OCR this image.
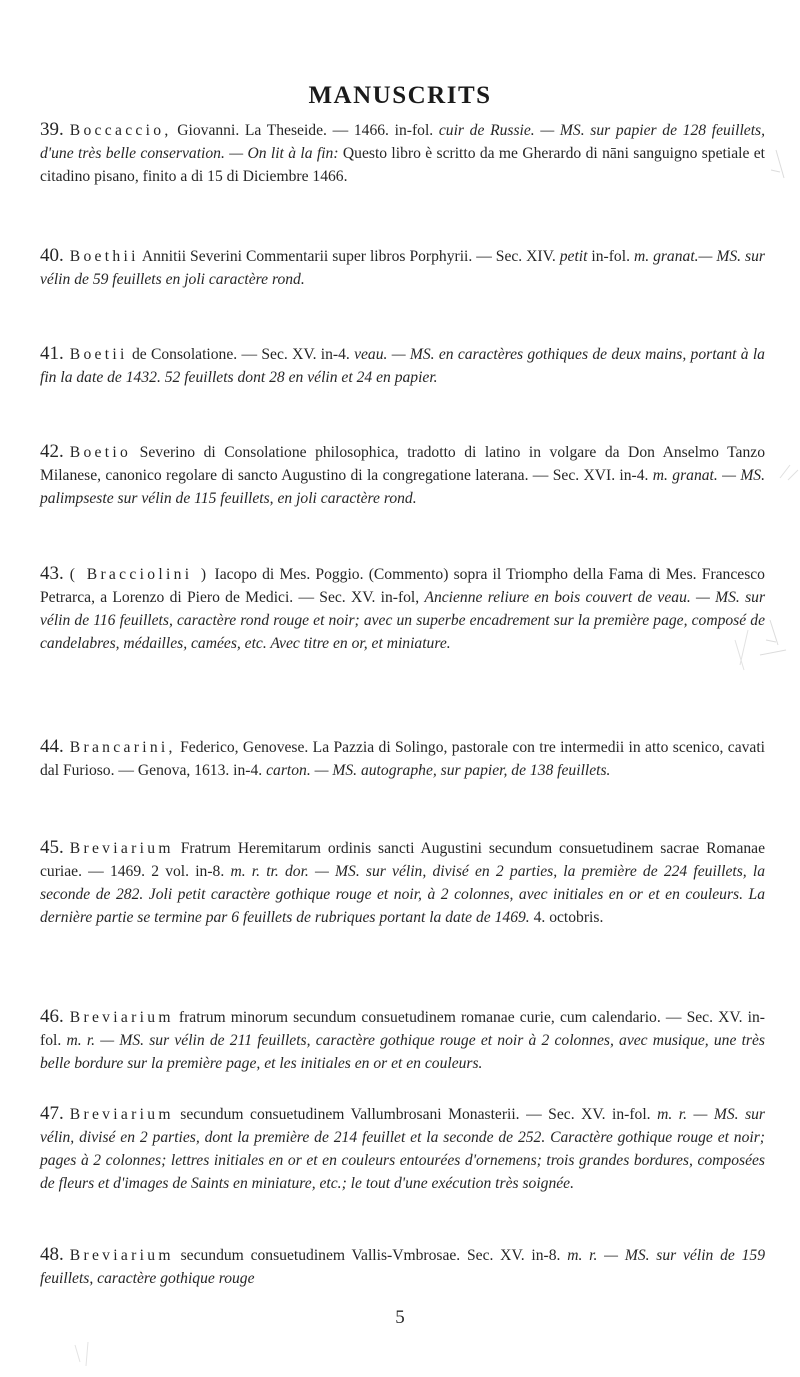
MANUSCRITS
39. Boccaccio, Giovanni. La Theseide. — 1466. in-fol. cuir de Russie. — MS. sur papier de 128 feuillets, d'une très belle conservation. — On lit à la fin: Questo libro è scritto da me Gherardo di nāni sanguigno spetiale et citadino pisano, finito a di 15 di Diciembre 1466.
40. Boethii Annitii Severini Commentarii super libros Porphyrii. — Sec. XIV. petit in-fol. m. granat.— MS. sur vélin de 59 feuillets en joli caractère rond.
41. Boetii de Consolatione. — Sec. XV. in-4. veau. — MS. en caractères gothiques de deux mains, portant à la fin la date de 1432. 52 feuillets dont 28 en vélin et 24 en papier.
42. Boetio Severino di Consolatione philosophica, tradotto di latino in volgare da Don Anselmo Tanzo Milanese, canonico regolare di sancto Augustino di la congregatione laterana. — Sec. XVI. in-4. m. granat. — MS. palimpseste sur vélin de 115 feuillets, en joli caractère rond.
43. ( Bracciolini ) Iacopo di Mes. Poggio. (Commento) sopra il Triompho della Fama di Mes. Francesco Petrarca, a Lorenzo di Piero de Medici. — Sec. XV. in-fol, Ancienne reliure en bois couvert de veau. — MS. sur vélin de 116 feuillets, caractère rond rouge et noir; avec un superbe encadrement sur la première page, composé de candelabres, médailles, camées, etc. Avec titre en or, et miniature.
44. Brancarini, Federico, Genovese. La Pazzia di Solingo, pastorale con tre intermedii in atto scenico, cavati dal Furioso. — Genova, 1613. in-4. carton. — MS. autographe, sur papier, de 138 feuillets.
45. Breviarium Fratrum Heremitarum ordinis sancti Augustini secundum consuetudinem sacrae Romanae curiae. — 1469. 2 vol. in-8. m. r. tr. dor. — MS. sur vélin, divisé en 2 parties, la première de 224 feuillets, la seconde de 282. Joli petit caractère gothique rouge et noir, à 2 colonnes, avec initiales en or et en couleurs. La dernière partie se termine par 6 feuillets de rubriques portant la date de 1469. 4. octobris.
46. Breviarium fratrum minorum secundum consuetudinem romanae curie, cum calendario. — Sec. XV. in-fol. m. r. — MS. sur vélin de 211 feuillets, caractère gothique rouge et noir à 2 colonnes, avec musique, une très belle bordure sur la première page, et les initiales en or et en couleurs.
47. Breviarium secundum consuetudinem Vallumbrosani Monasterii. — Sec. XV. in-fol. m. r. — MS. sur vélin, divisé en 2 parties, dont la première de 214 feuillet et la seconde de 252. Caractère gothique rouge et noir; pages à 2 colonnes; lettres initiales en or et en couleurs entourées d'ornemens; trois grandes bordures, composées de fleurs et d'images de Saints en miniature, etc.; le tout d'une exécution très soignée.
48. Breviarium secundum consuetudinem Vallis-Vmbrosae. Sec. XV. in-8. m. r. — MS. sur vélin de 159 feuillets, caractère gothique rouge
5
